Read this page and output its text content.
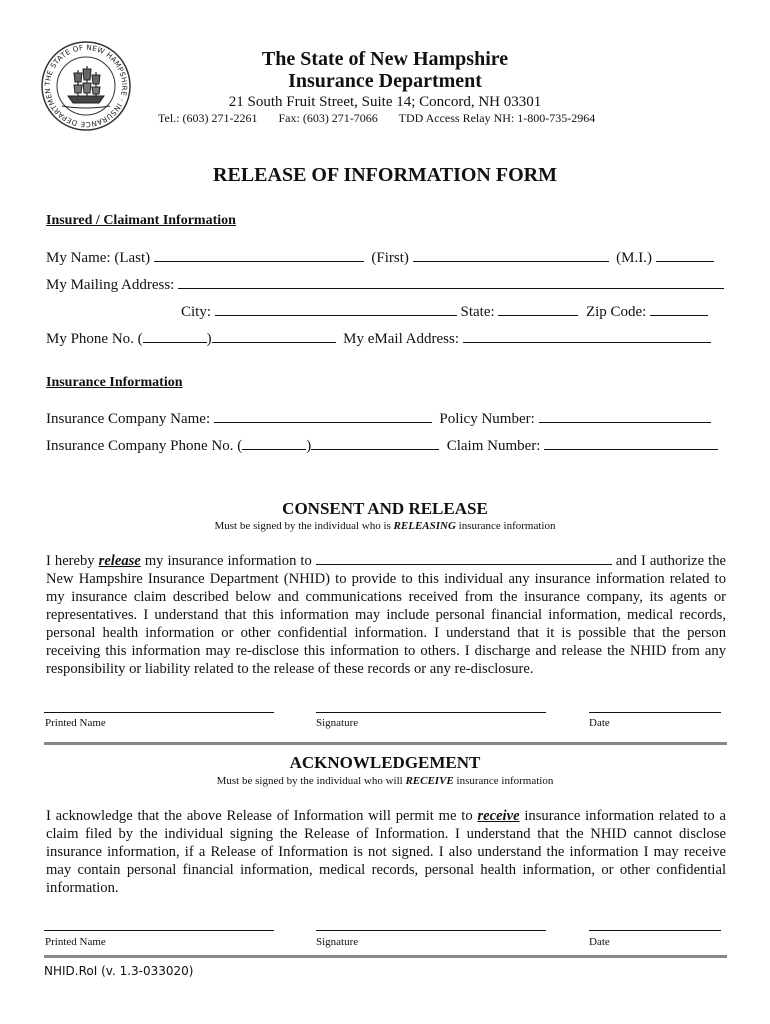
THE STATE OF NEW HAMPSHIRE · INSURANCE DEPARTMEN
The State of New Hampshire
Insurance Department
21 South Fruit Street, Suite 14; Concord, NH 03301
Tel.: (603) 271-2261 Fax: (603) 271-7066 TDD Access Relay NH: 1-800-735-2964
RELEASE OF INFORMATION FORM
Insured / Claimant Information
My Name: (Last)	(First)	(M.I.)
My Mailing Address:
City:	State:	Zip Code:
My Phone No. (	)	My eMail Address:
Insurance Information
Insurance Company Name:	Policy Number:
Insurance Company Phone No. (	)	Claim Number:
CONSENT AND RELEASE
Must be signed by the individual who is RELEASING insurance information
I hereby release my insurance information to	and I authorize the New Hampshire Insurance Department (NHID) to provide to this individual any insurance information related to my insurance claim described below and communications received from the insurance company, its agents or representatives. I understand that this information may include personal financial information, medical records, personal health information or other confidential information. I understand that it is possible that the person receiving this information may re-disclose this information to others. I discharge and release the NHID from any responsibility or liability related to the release of these records or any re-disclosure.
Printed Name	Signature	Date
ACKNOWLEDGEMENT
Must be signed by the individual who will RECEIVE insurance information
I acknowledge that the above Release of Information will permit me to receive insurance information related to a claim filed by the individual signing the Release of Information. I understand that the NHID cannot disclose insurance information, if a Release of Information is not signed. I also understand the information I may receive may contain personal financial information, medical records, personal health information, or other confidential information.
Printed Name	Signature	Date
NHID.RoI (v. 1.3-033020)
